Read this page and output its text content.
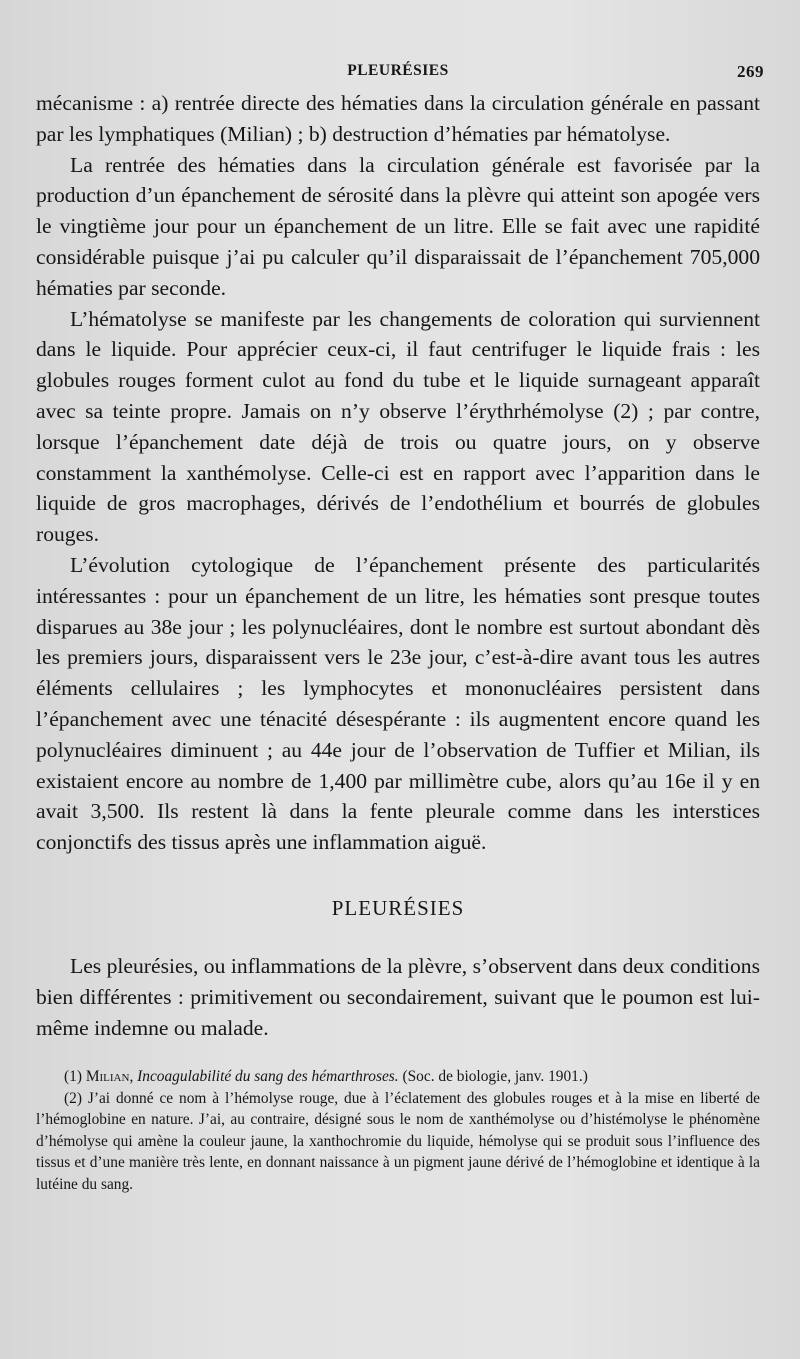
PLEURÉSIES	269

mécanisme : a) rentrée directe des hématies dans la circulation générale en passant par les lymphatiques (Milian) ; b) destruction d’hématies par hématolyse.

La rentrée des hématies dans la circulation générale est favorisée par la production d’un épanchement de sérosité dans la plèvre qui atteint son apogée vers le vingtième jour pour un épanchement de un litre. Elle se fait avec une rapidité considérable puisque j’ai pu calculer qu’il disparaissait de l’épanchement 705,000 hématies par seconde.

L’hématolyse se manifeste par les changements de coloration qui surviennent dans le liquide. Pour apprécier ceux-ci, il faut centrifuger le liquide frais : les globules rouges forment culot au fond du tube et le liquide surnageant apparaît avec sa teinte propre. Jamais on n’y observe l’érythrhémolyse (2) ; par contre, lorsque l’épanchement date déjà de trois ou quatre jours, on y observe constamment la xanthémolyse. Celle-ci est en rapport avec l’apparition dans le liquide de gros macrophages, dérivés de l’endothélium et bourrés de globules rouges.

L’évolution cytologique de l’épanchement présente des particularités intéressantes : pour un épanchement de un litre, les hématies sont presque toutes disparues au 38e jour ; les polynucléaires, dont le nombre est surtout abondant dès les premiers jours, disparaissent vers le 23e jour, c’est-à-dire avant tous les autres éléments cellulaires ; les lymphocytes et mononucléaires persistent dans l’épanchement avec une ténacité désespérante : ils augmentent encore quand les polynucléaires diminuent ; au 44e jour de l’observation de Tuffier et Milian, ils existaient encore au nombre de 1,400 par millimètre cube, alors qu’au 16e il y en avait 3,500. Ils restent là dans la fente pleurale comme dans les interstices conjonctifs des tissus après une inflammation aiguë.

PLEURÉSIES

Les pleurésies, ou inflammations de la plèvre, s’observent dans deux conditions bien différentes : primitivement ou secondairement, suivant que le poumon est lui-même indemne ou malade.

(1) Milian, Incoagulabilité du sang des hémarthroses. (Soc. de biologie, janv. 1901.)

(2) J’ai donné ce nom à l’hémolyse rouge, due à l’éclatement des globules rouges et à la mise en liberté de l’hémoglobine en nature. J’ai, au contraire, désigné sous le nom de xanthémolyse ou d’histémolyse le phénomène d’hémolyse qui amène la couleur jaune, la xanthochromie du liquide, hémolyse qui se produit sous l’influence des tissus et d’une manière très lente, en donnant naissance à un pigment jaune dérivé de l’hémoglobine et identique à la lutéine du sang.
